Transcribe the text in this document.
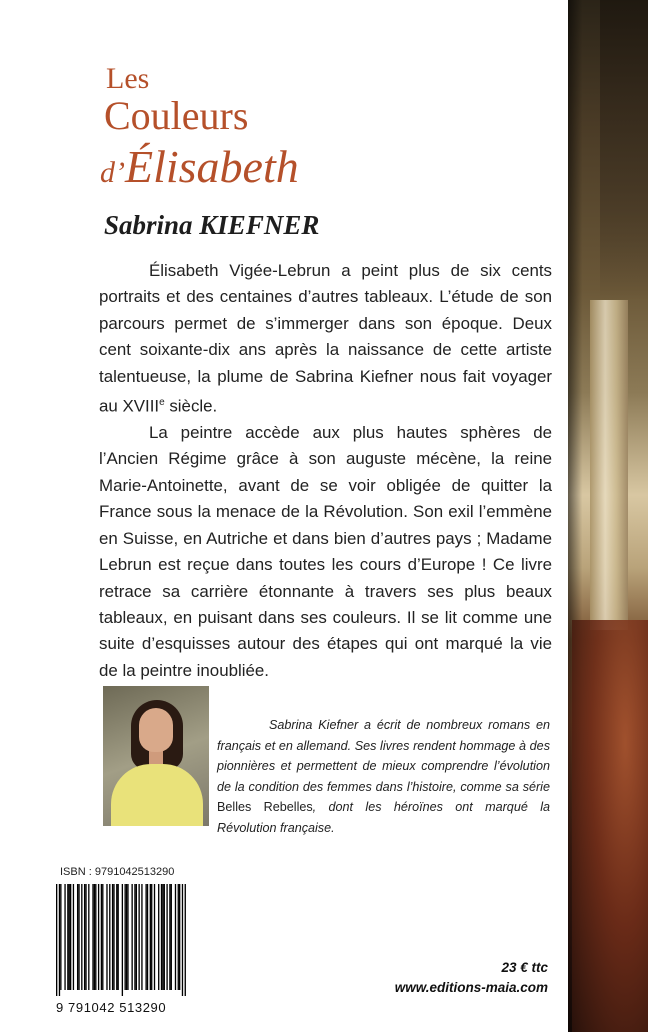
Les
Couleurs
d’Élisabeth
Sabrina KIEFNER

Élisabeth Vigée-Lebrun a peint plus de six cents portraits et des centaines d’autres tableaux. L’étude de son parcours permet de s’immerger dans son époque. Deux cent soixante-dix ans après la naissance de cette artiste talentueuse, la plume de Sabrina Kiefner nous fait voyager au XVIIIe siècle.

La peintre accède aux plus hautes sphères de l’Ancien Régime grâce à son auguste mécène, la reine Marie-Antoinette, avant de se voir obligée de quitter la France sous la menace de la Révolution. Son exil l’emmène en Suisse, en Autriche et dans bien d’autres pays ; Madame Lebrun est reçue dans toutes les cours d’Europe ! Ce livre retrace sa carrière étonnante à travers ses plus beaux tableaux, en puisant dans ses couleurs. Il se lit comme une suite d’esquisses autour des étapes qui ont marqué la vie de la peintre inoubliée.

Sabrina Kiefner a écrit de nombreux romans en français et en allemand. Ses livres rendent hommage à des pionnières et permettent de mieux comprendre l’évolution de la condition des femmes dans l’histoire, comme sa série Belles Rebelles, dont les héroïnes ont marqué la Révolution française.

ISBN : 9791042513290
9 791042 513290
23 € ttc
www.editions-maia.com
